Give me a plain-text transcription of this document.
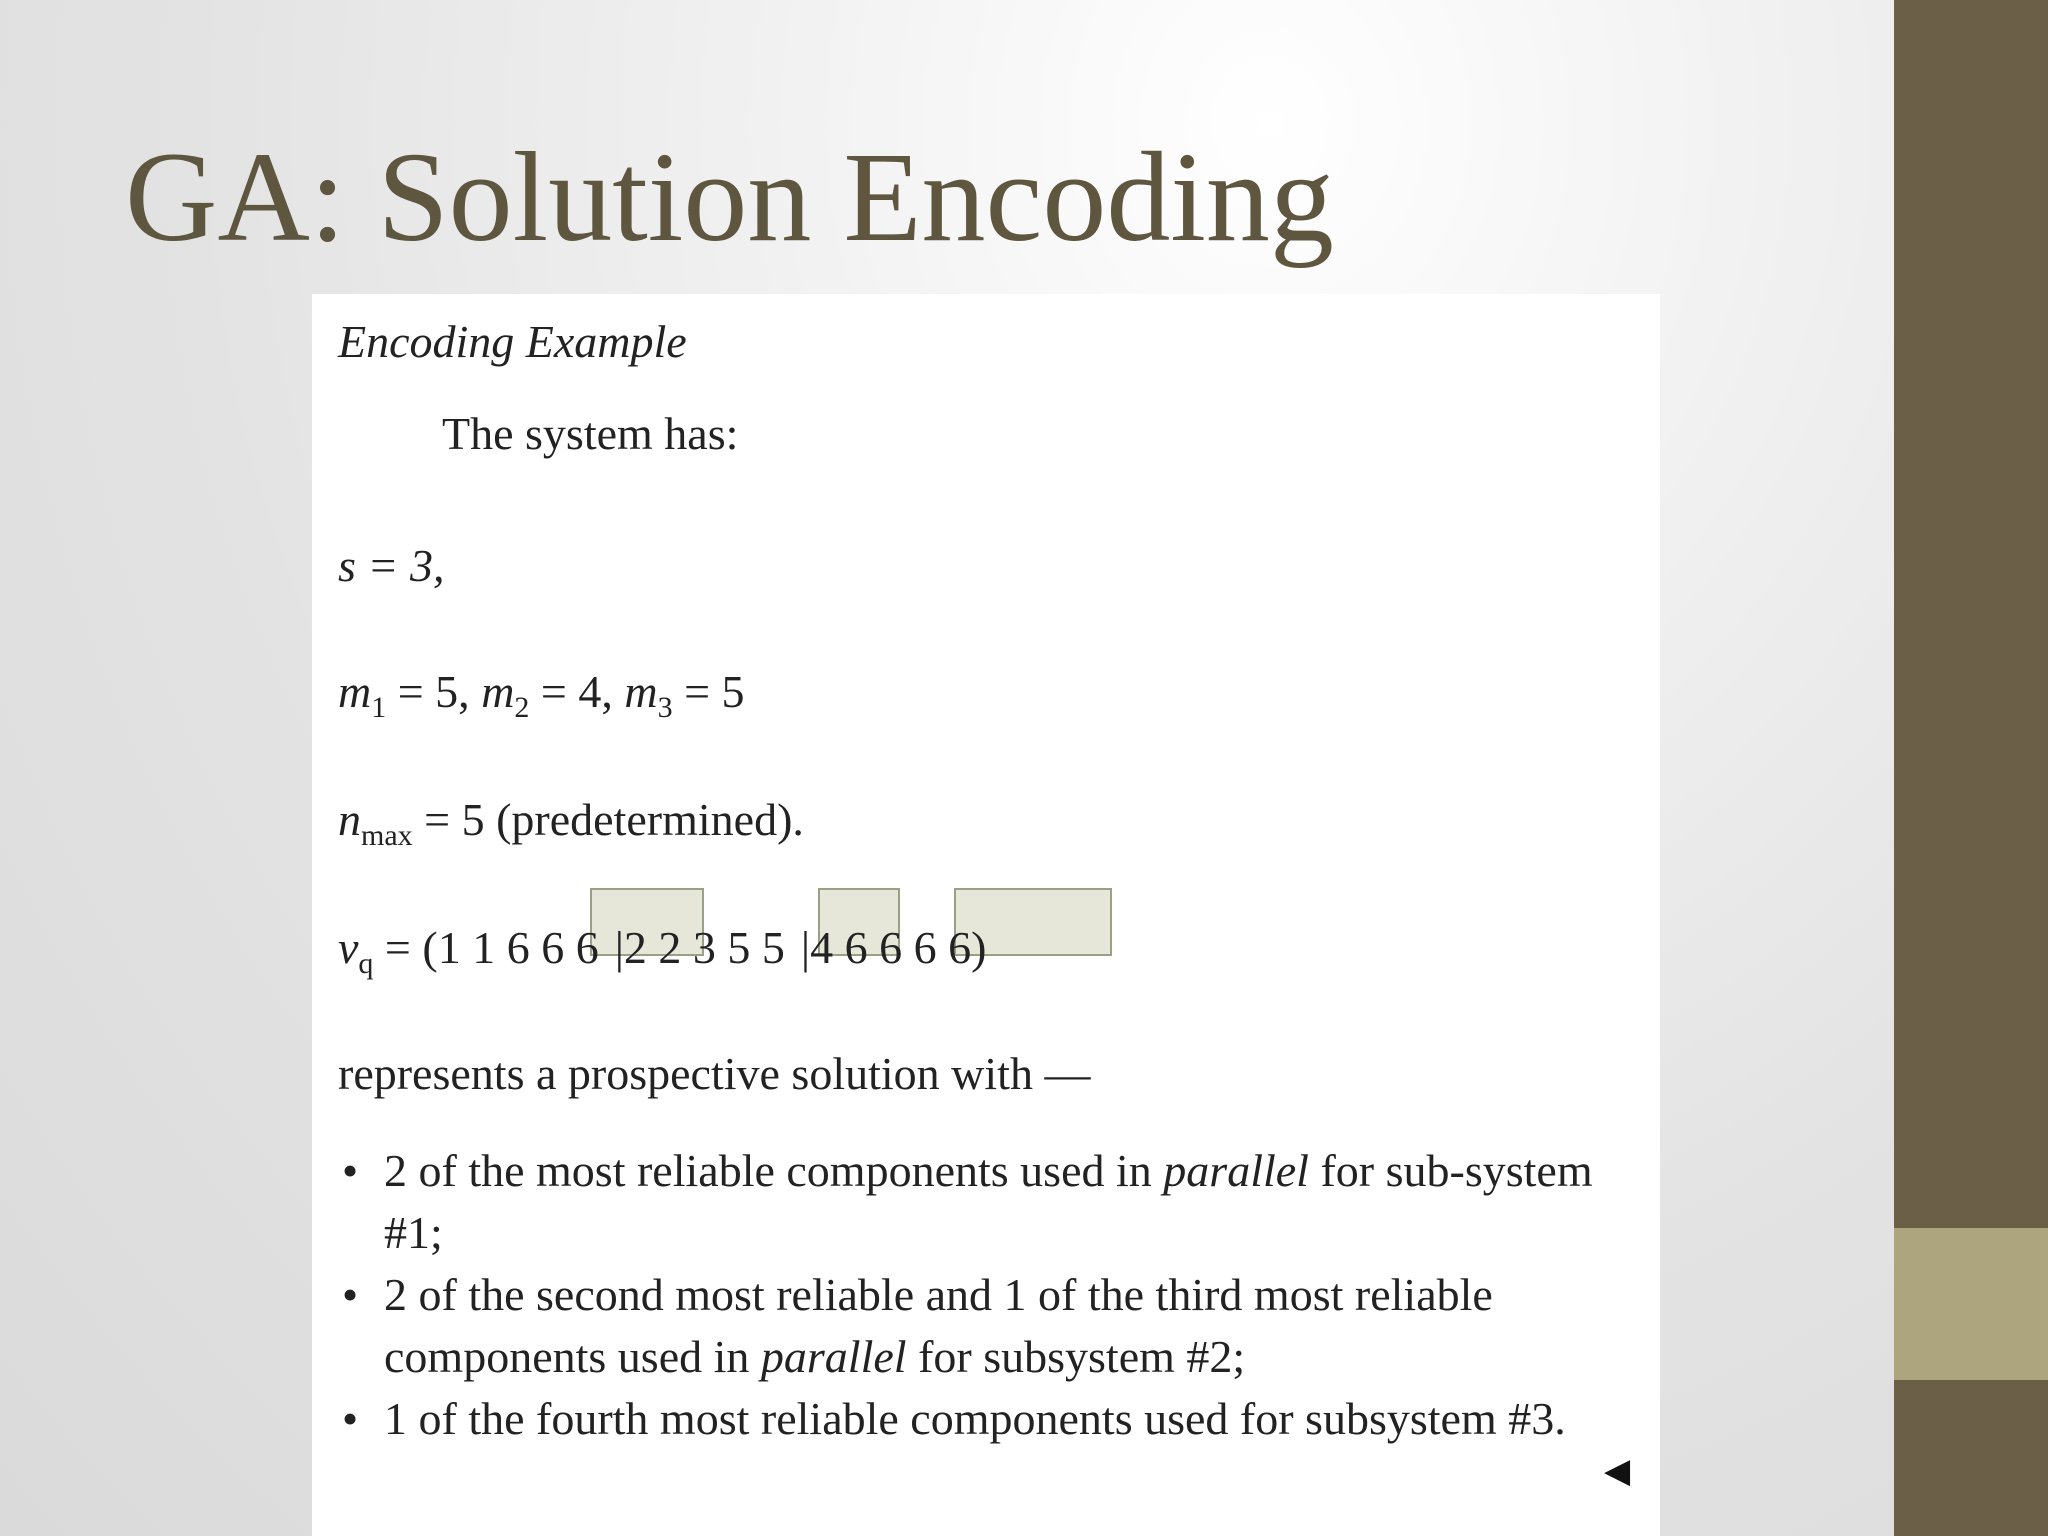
GA: Solution Encoding
Encoding Example
The system has:
s = 3,
$m_1 = 5$, $m_2 = 4$, $m_3 = 5$
$n_{max} = 5$ (predetermined).
$v_q = (1$ 1 6 6 6 |2 2 3 5 5 |4 6 6 6 6)
represents a prospective solution with —
• 2 of the most reliable components used in parallel for sub-system #1;
• 2 of the second most reliable and 1 of the third most reliable components used in parallel for subsystem #2;
• 1 of the fourth most reliable components used for subsystem #3.
◀
